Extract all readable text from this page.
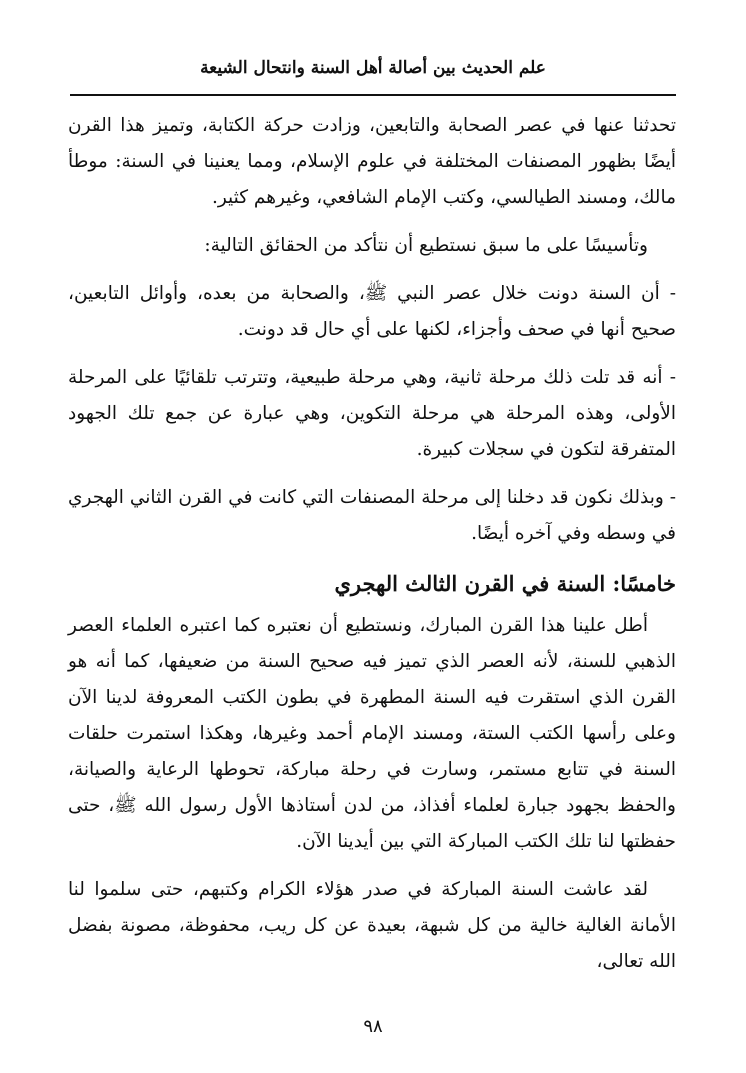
علم الحديث بين أصالة أهل السنة وانتحال الشيعة

تحدثنا عنها في عصر الصحابة والتابعين، وزادت حركة الكتابة، وتميز هذا القرن أيضًا بظهور المصنفات المختلفة في علوم الإسلام، ومما يعنينا في السنة: موطأ مالك، ومسند الطيالسي، وكتب الإمام الشافعي، وغيرهم كثير.

وتأسيسًا على ما سبق نستطيع أن نتأكد من الحقائق التالية:

- أن السنة دونت خلال عصر النبي ﷺ، والصحابة من بعده، وأوائل التابعين، صحيح أنها في صحف وأجزاء، لكنها على أي حال قد دونت.

- أنه قد تلت ذلك مرحلة ثانية، وهي مرحلة طبيعية، وتترتب تلقائيًا على المرحلة الأولى، وهذه المرحلة هي مرحلة التكوين، وهي عبارة عن جمع تلك الجهود المتفرقة لتكون في سجلات كبيرة.

- وبذلك نكون قد دخلنا إلى مرحلة المصنفات التي كانت في القرن الثاني الهجري في وسطه وفي آخره أيضًا.

خامسًا: السنة في القرن الثالث الهجري

أطل علينا هذا القرن المبارك، ونستطيع أن نعتبره كما اعتبره العلماء العصر الذهبي للسنة، لأنه العصر الذي تميز فيه صحيح السنة من ضعيفها، كما أنه هو القرن الذي استقرت فيه السنة المطهرة في بطون الكتب المعروفة لدينا الآن وعلى رأسها الكتب الستة، ومسند الإمام أحمد وغيرها، وهكذا استمرت حلقات السنة في تتابع مستمر، وسارت في رحلة مباركة، تحوطها الرعاية والصيانة، والحفظ بجهود جبارة لعلماء أفذاذ، من لدن أستاذها الأول رسول الله ﷺ، حتى حفظتها لنا تلك الكتب المباركة التي بين أيدينا الآن.

لقد عاشت السنة المباركة في صدر هؤلاء الكرام وكتبهم، حتى سلموا لنا الأمانة الغالية خالية من كل شبهة، بعيدة عن كل ريب، محفوظة، مصونة بفضل الله تعالى،

٩٨
